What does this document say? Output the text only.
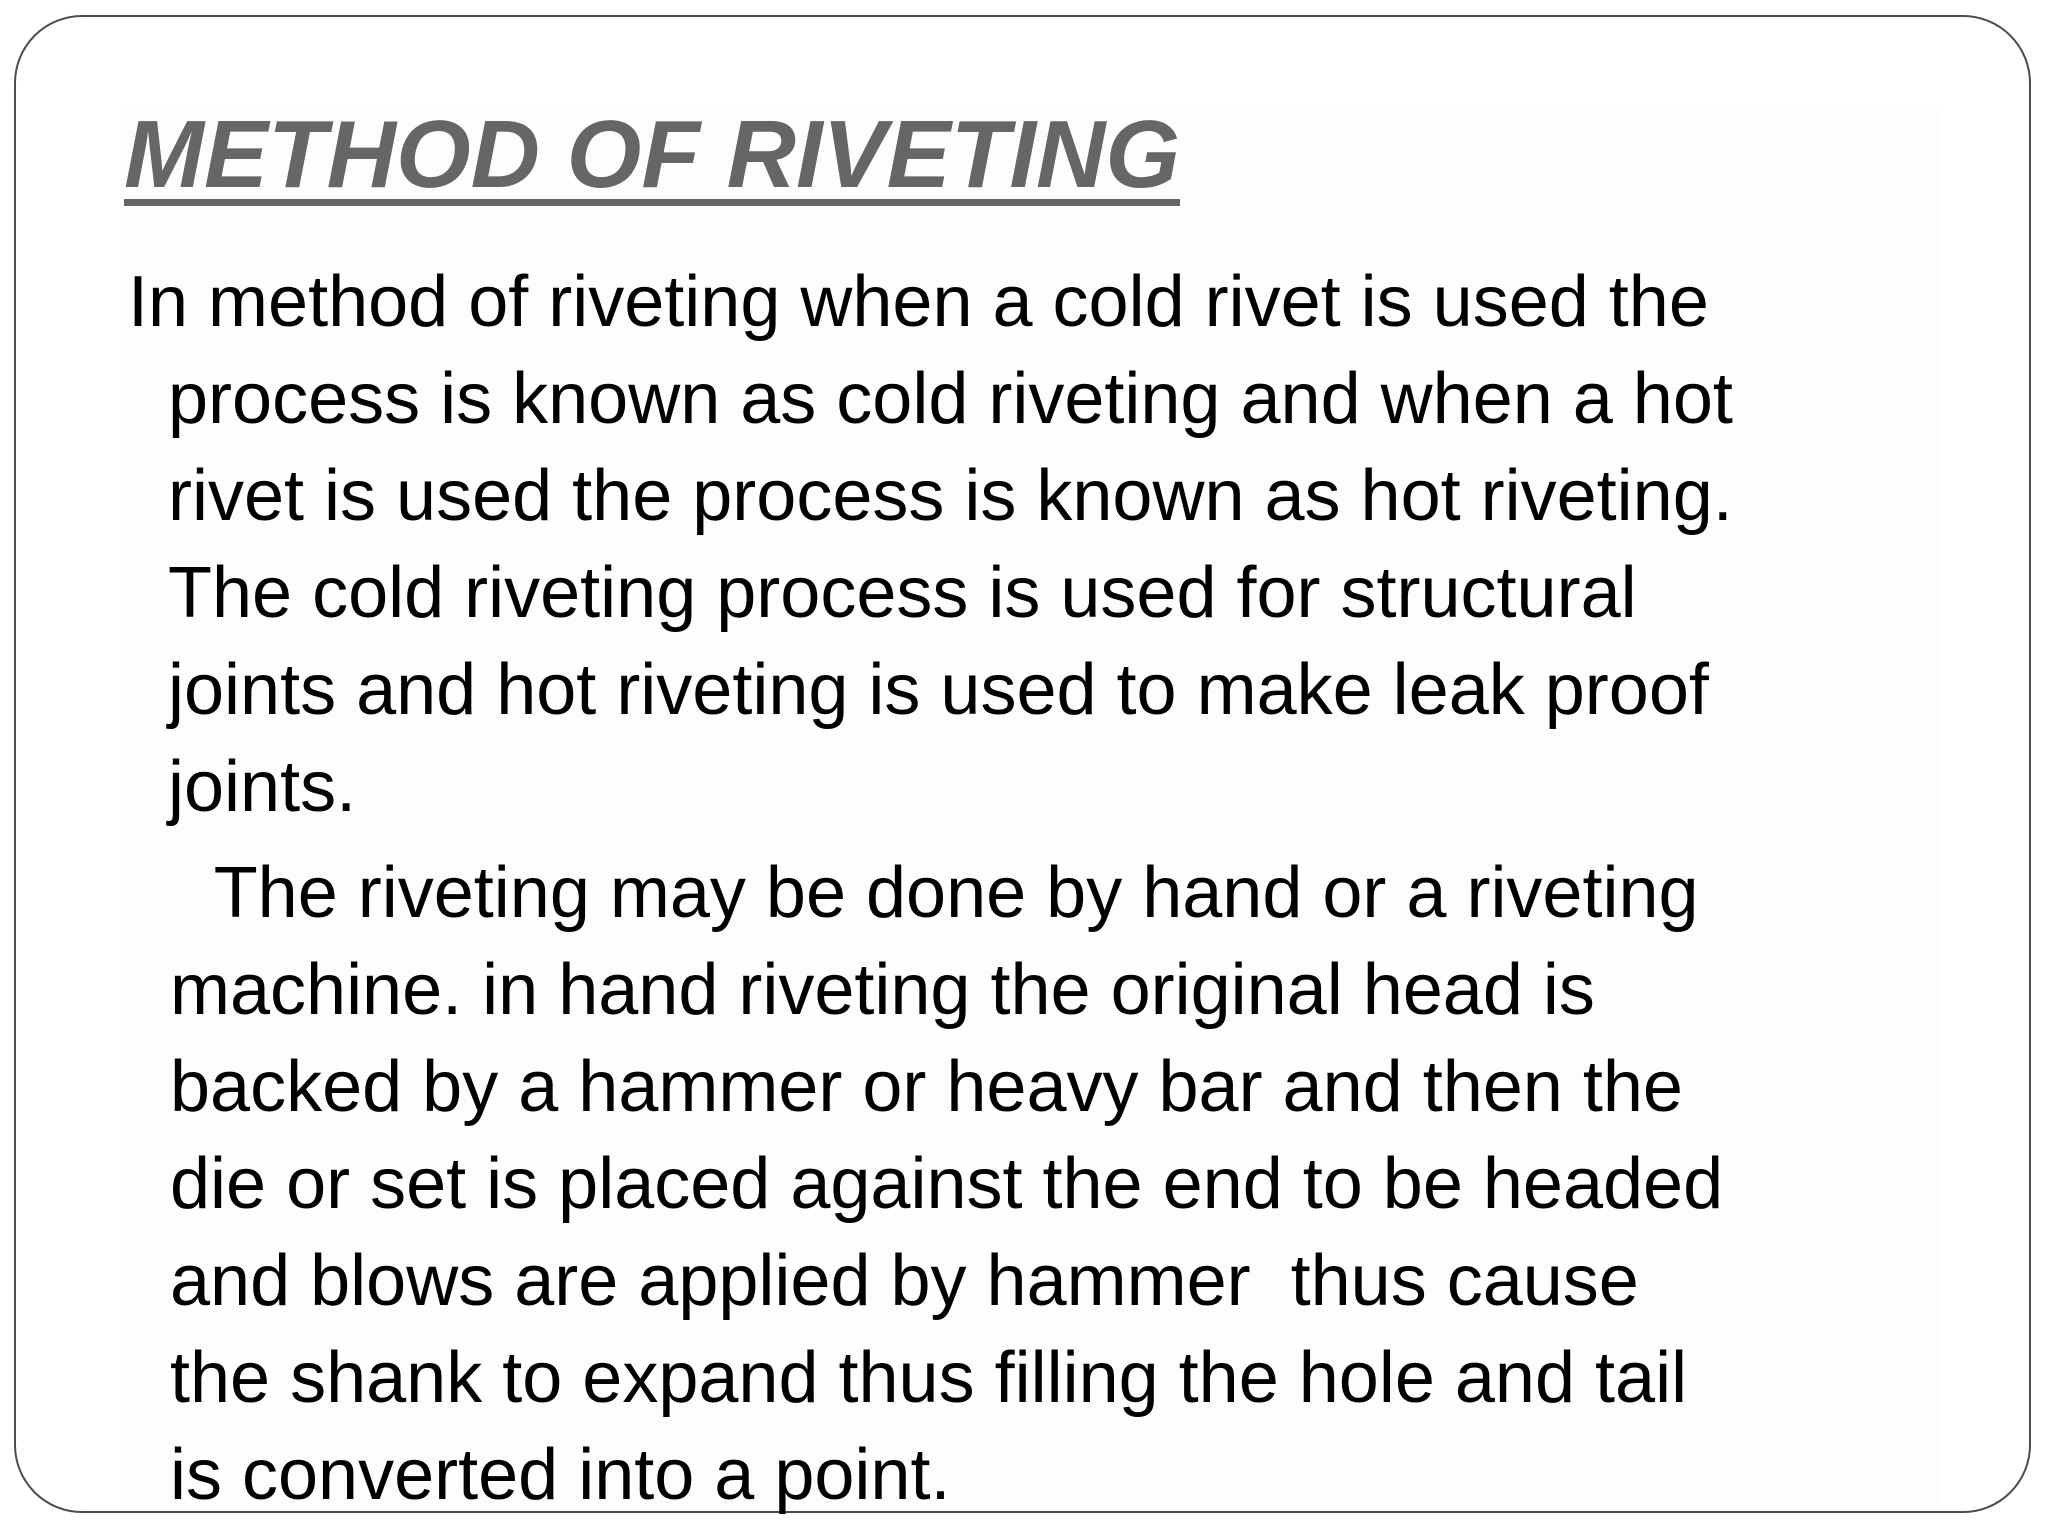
METHOD OF RIVETING

In method of riveting when a cold rivet is used the
process is known as cold riveting and when a hot
rivet is used the process is known as hot riveting.
The cold riveting process is used for structural
joints and hot riveting is used to make leak proof
joints.

The riveting may be done by hand or a riveting
machine. in hand riveting the original head is
backed by a hammer or heavy bar and then the
die or set is placed against the end to be headed
and blows are applied by hammer  thus cause
the shank to expand thus filling the hole and tail
is converted into a point.
